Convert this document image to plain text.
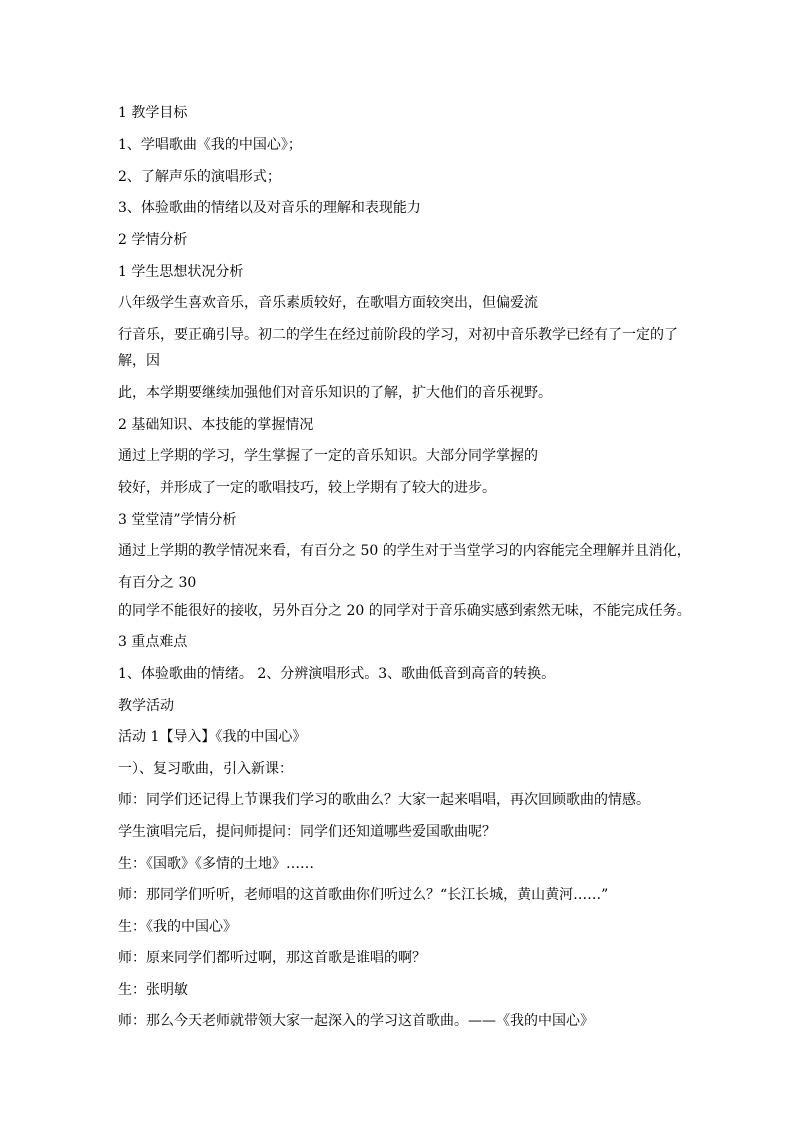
1 教学目标
1、学唱歌曲《我的中国心》；
2、了解声乐的演唱形式；
3、体验歌曲的情绪以及对音乐的理解和表现能力
2 学情分析
1 学生思想状况分析
八年级学生喜欢音乐，音乐素质较好，在歌唱方面较突出，但偏爱流
行音乐，要正确引导。初二的学生在经过前阶段的学习，对初中音乐教学已经有了一定的了
解，因
此，本学期要继续加强他们对音乐知识的了解，扩大他们的音乐视野。
2 基础知识、本技能的掌握情况
通过上学期的学习，学生掌握了一定的音乐知识。大部分同学掌握的
较好，并形成了一定的歌唱技巧，较上学期有了较大的进步。
3 堂堂清”学情分析
通过上学期的教学情况来看，有百分之 50 的学生对于当堂学习的内容能完全理解并且消化，
有百分之 30
的同学不能很好的接收，另外百分之 20 的同学对于音乐确实感到索然无味，不能完成任务。
3 重点难点
1、体验歌曲的情绪。 2、分辨演唱形式。3、歌曲低音到高音的转换。
教学活动
活动 1【导入】《我的中国心》
一）、复习歌曲，引入新课：
师：同学们还记得上节课我们学习的歌曲么？大家一起来唱唱，再次回顾歌曲的情感。
学生演唱完后，提问师提问：同学们还知道哪些爱国歌曲呢？
生：《国歌》《多情的土地》……
师：那同学们听听，老师唱的这首歌曲你们听过么？“长江长城，黄山黄河……”
生：《我的中国心》
师：原来同学们都听过啊，那这首歌是谁唱的啊？
生：张明敏
师：那么今天老师就带领大家一起深入的学习这首歌曲。——《我的中国心》
